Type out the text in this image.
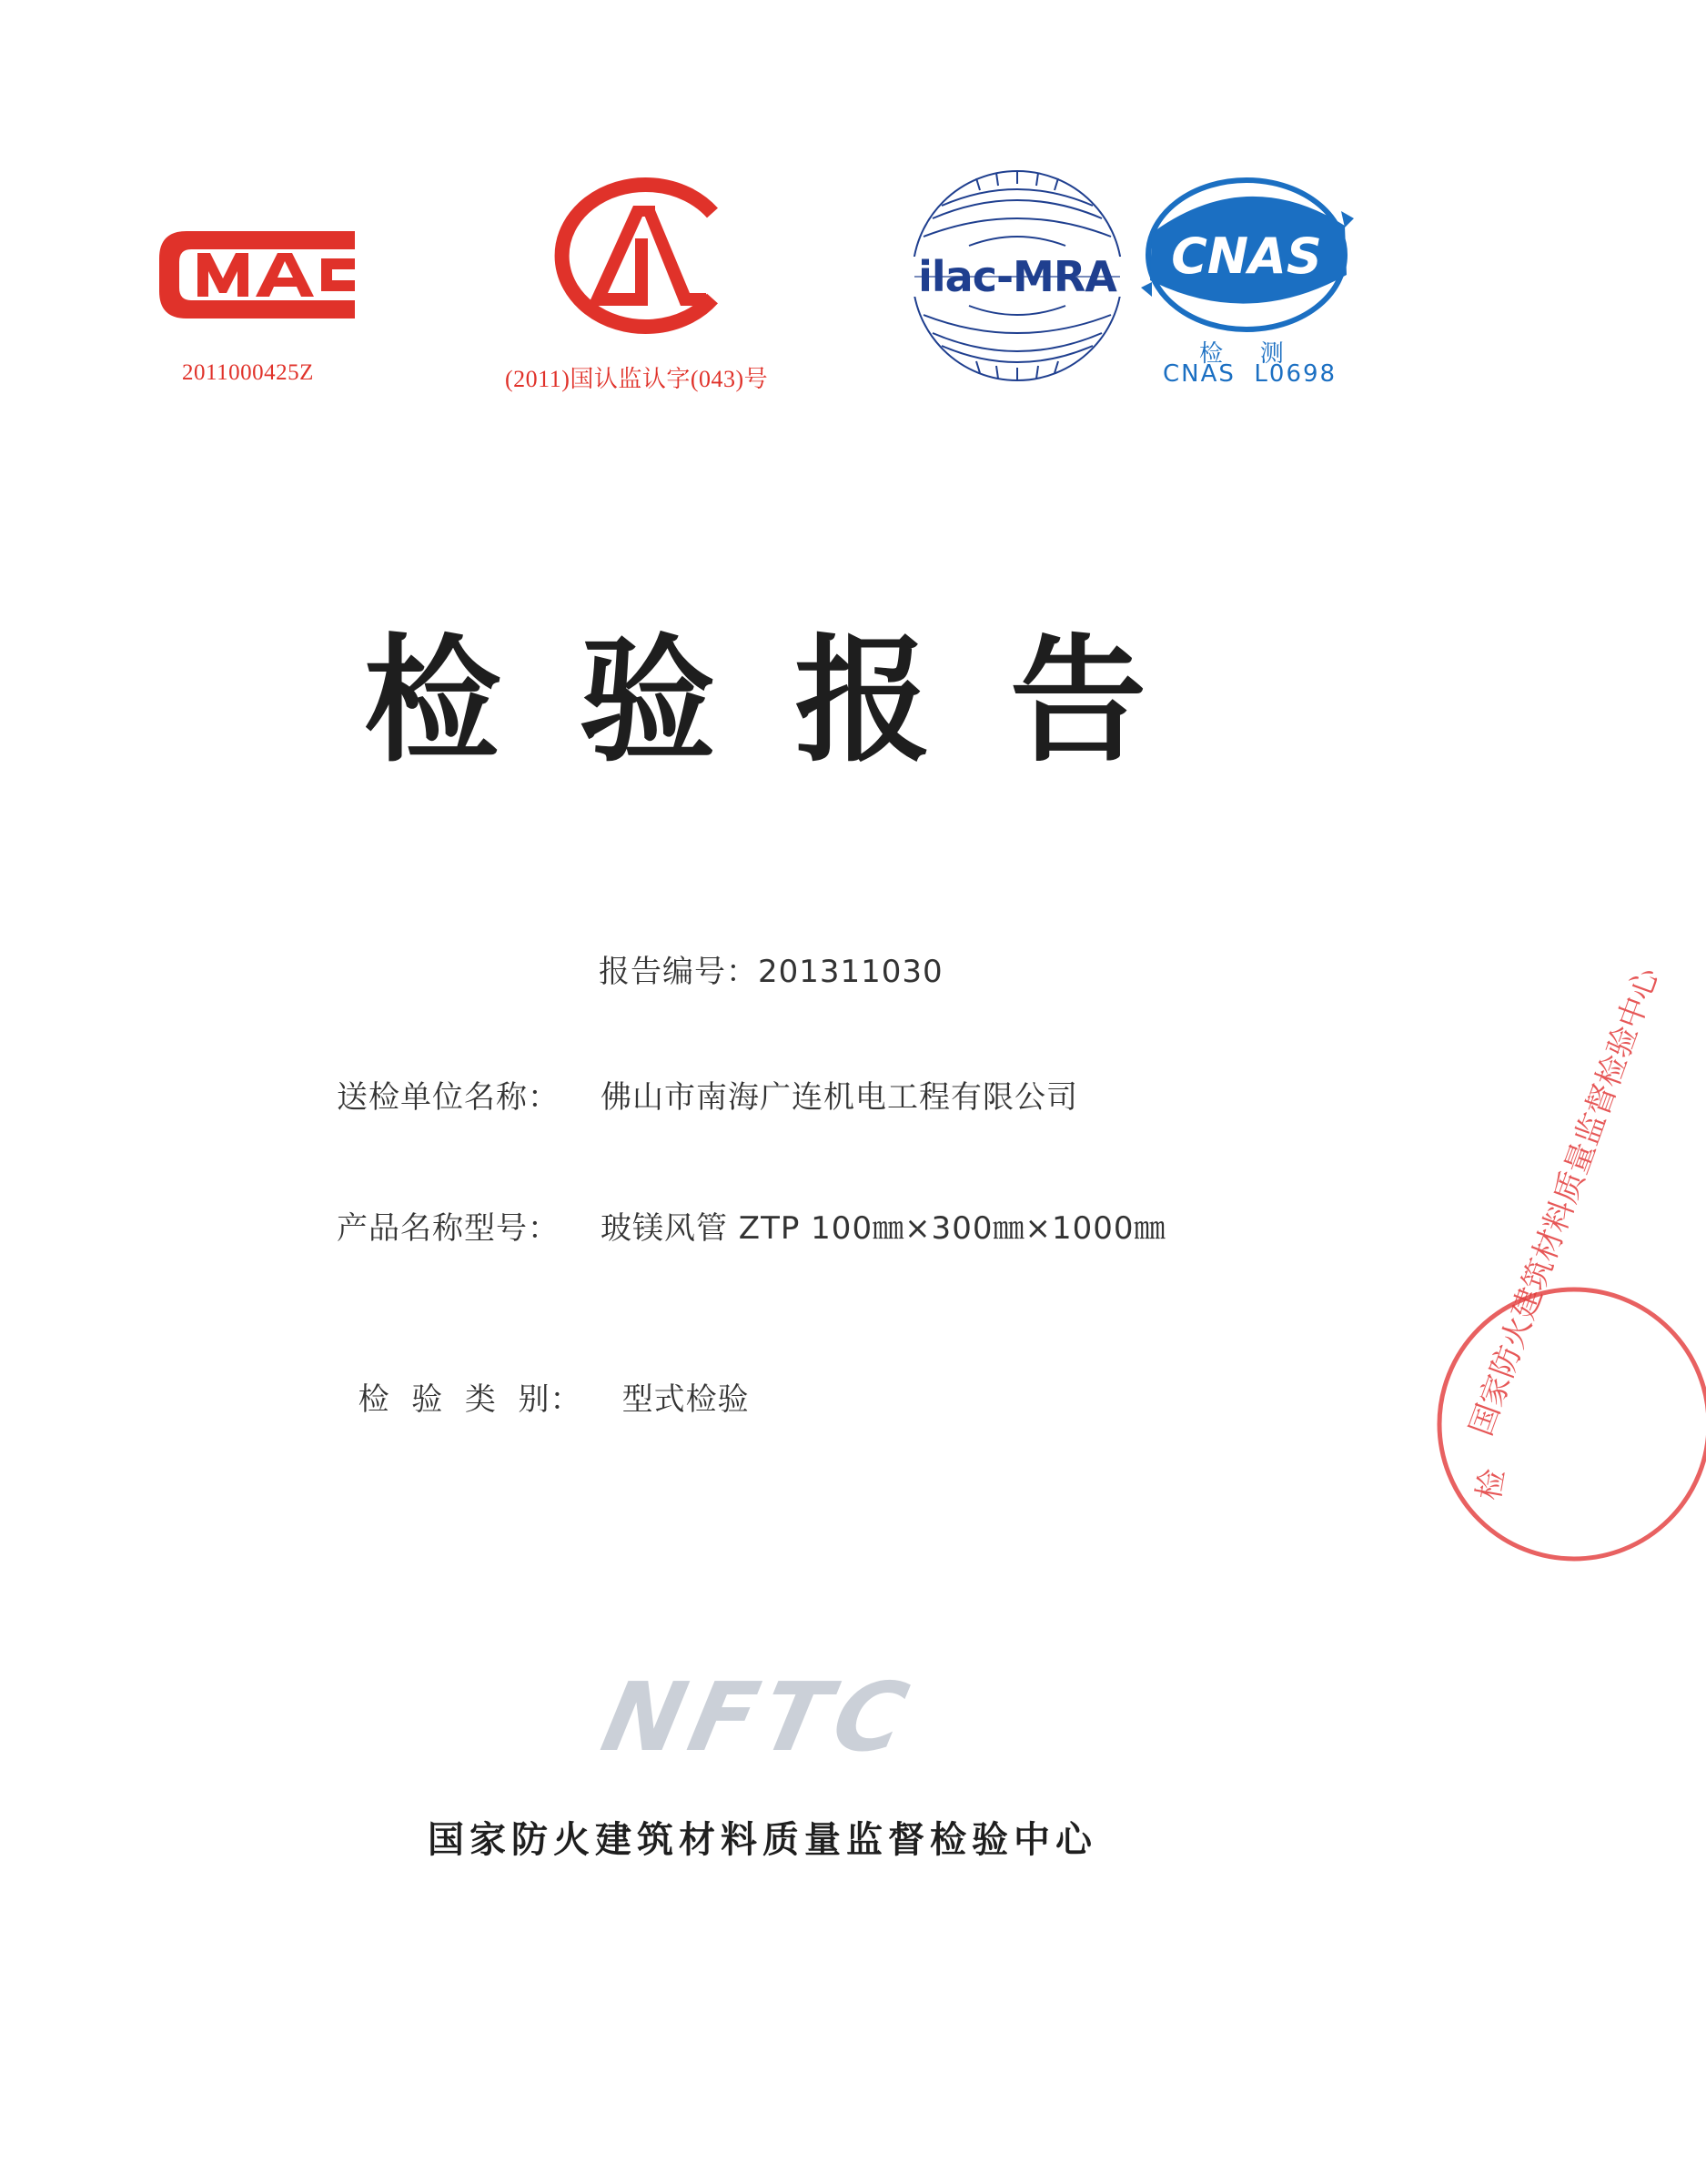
2011000425Z	(2011)国认监认字(043)号
ilac-MRA CNAS
检   测
CNAS  L0698
检 验 报 告
报告编号：201311030
送检单位名称： 佛山市南海广连机电工程有限公司
产品名称型号： 玻镁风管 ZTP 100㎜×300㎜×1000㎜

检  验  类  别： 型式检验	国家防火建筑材料质量监督检验中心
检
NFTC
国家防火建筑材料质量监督检验中心
